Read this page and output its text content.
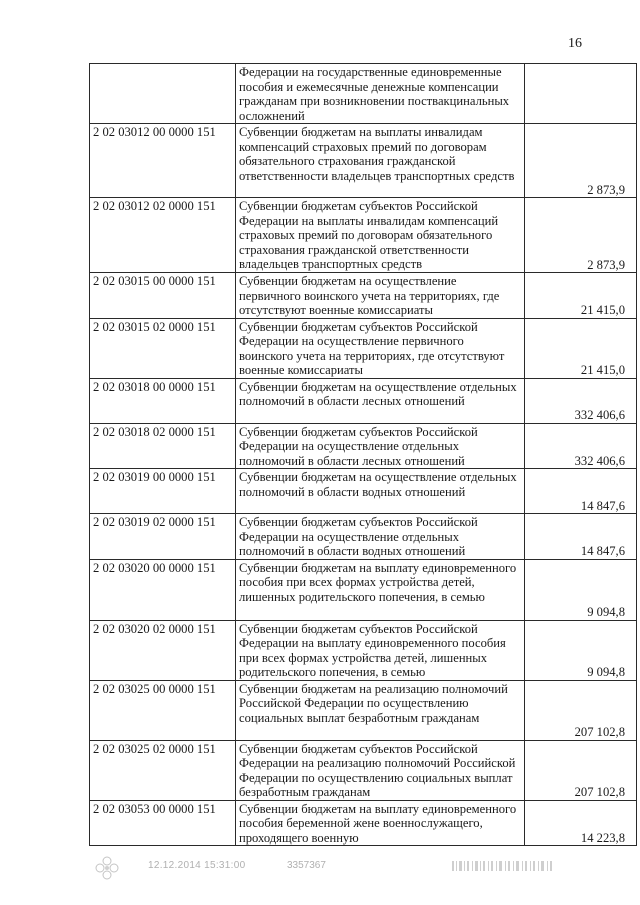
16
	Федерации на государственные единовременные пособия и ежемесячные денежные компенсации гражданам при возникновении поствакцинальных осложнений	
2 02 03012 00 0000 151	Субвенции бюджетам на выплаты инвалидам компенсаций страховых премий по договорам обязательного страхования гражданской ответственности владельцев транспортных средств	2 873,9
2 02 03012 02 0000 151	Субвенции бюджетам субъектов Российской Федерации на выплаты инвалидам компенсаций страховых премий по договорам обязательного страхования гражданской ответственности владельцев транспортных средств	2 873,9
2 02 03015 00 0000 151	Субвенции бюджетам на осуществление первичного воинского учета на территориях, где отсутствуют военные комиссариаты	21 415,0
2 02 03015 02 0000 151	Субвенции бюджетам субъектов Российской Федерации на осуществление первичного воинского учета на территориях, где отсутствуют военные комиссариаты	21 415,0
2 02 03018 00 0000 151	Субвенции бюджетам на осуществление отдельных полномочий в области лесных отношений	332 406,6
2 02 03018 02 0000 151	Субвенции бюджетам субъектов Российской Федерации на осуществление отдельных полномочий в области лесных отношений	332 406,6
2 02 03019 00 0000 151	Субвенции бюджетам на осуществление отдельных полномочий в области водных отношений	14 847,6
2 02 03019 02 0000 151	Субвенции бюджетам субъектов Российской Федерации на осуществление отдельных полномочий в области водных отношений	14 847,6
2 02 03020 00 0000 151	Субвенции бюджетам на выплату единовременного пособия при всех формах устройства детей, лишенных родительского попечения, в семью	9 094,8
2 02 03020 02 0000 151	Субвенции бюджетам субъектов Российской Федерации на выплату единовременного пособия при всех формах устройства детей, лишенных родительского попечения, в семью	9 094,8
2 02 03025 00 0000 151	Субвенции бюджетам на реализацию полномочий Российской Федерации по осуществлению социальных выплат безработным гражданам	207 102,8
2 02 03025 02 0000 151	Субвенции бюджетам субъектов Российской Федерации на реализацию полномочий Российской Федерации по осуществлению социальных выплат безработным гражданам	207 102,8
2 02 03053 00 0000 151	Субвенции бюджетам на выплату единовременного пособия беременной жене военнослужащего, проходящего военную	14 223,8
12.12.2014 15:31:00	3357367
